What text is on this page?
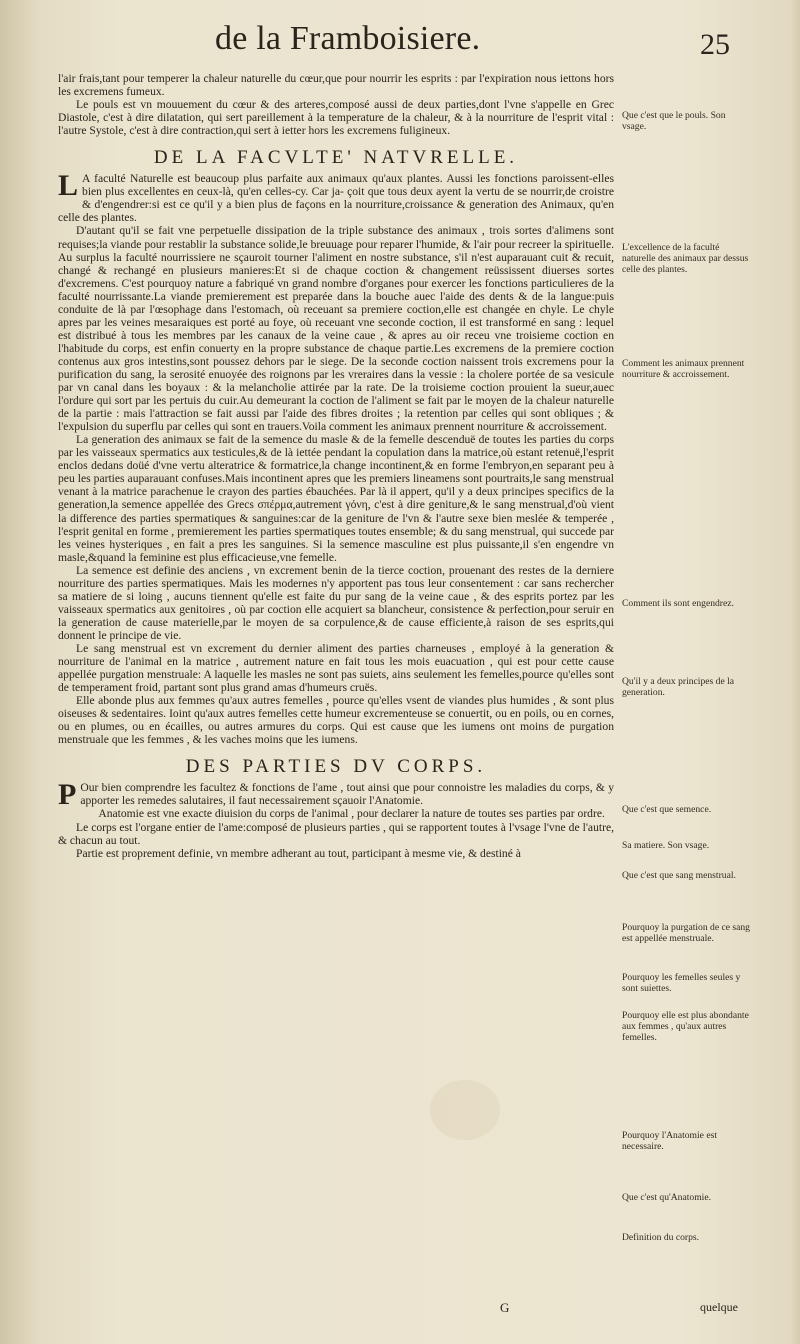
de la Framboisiere.	25

l'air frais,tant pour temperer la chaleur naturelle du cœur,que pour nourrir les esprits : par l'expiration nous iettons hors les excremens fumeux.

Le pouls est vn mouuement du cœur & des arteres,composé aussi de deux parties,dont l'vne s'appelle en Grec Diastole, c'est à dire dilatation, qui sert pareillement à la temperature de la chaleur, & à la nourriture de l'esprit vital : l'autre Systole, c'est à dire contraction,qui sert à ietter hors les excremens fuligineux.

DE LA FACVLTE' NATVRELLE.

L A faculté Naturelle est beaucoup plus parfaite aux animaux qu'aux plantes. Aussi les fonctions paroissent-elles bien plus excellentes en ceux-là, qu'en celles-cy. Car ja- çoit que tous deux ayent la vertu de se nourrir,de croistre & d'engendrer:si est ce qu'il y a bien plus de façons en la nourriture,croissance & generation des Animaux, qu'en celle des plantes.

D'autant qu'il se fait vne perpetuelle dissipation de la triple substance des animaux , trois sortes d'alimens sont requises;la viande pour restablir la substance solide,le breuuage pour reparer l'humide, & l'air pour recreer la spirituelle. Au surplus la faculté nourrissiere ne sçauroit tourner l'aliment en nostre substance, s'il n'est auparauant cuit & recuit, changé & rechangé en plusieurs manieres:Et si de chaque coction & changement reüssissent diuerses sortes d'excremens. C'est pourquoy nature a fabriqué vn grand nombre d'organes pour exercer les fonctions particulieres de la faculté nourrissante.La viande premierement est preparée dans la bouche auec l'aide des dents & de la langue:puis conduite de là par l'œsophage dans l'estomach, où receuant sa premiere coction,elle est changée en chyle. Le chyle apres par les veines mesaraiques est porté au foye, où receuant vne seconde coction, il est transformé en sang : lequel est distribué à tous les membres par les canaux de la veine caue , & apres au oir receu vne troisieme coction en l'habitude du corps, est enfin conuerty en la propre substance de chaque partie.Les excremens de la premiere coction contenus aux gros intestins,sont poussez dehors par le siege. De la seconde coction naissent trois excremens pour la purification du sang, la serosité enuoyée des roignons par les vreraires dans la vessie : la cholere portée de sa vesicule par vn canal dans les boyaux : & la melancholie attirée par la rate. De la troisieme coction prouient la sueur,auec l'ordure qui sort par les pertuis du cuir.Au demeurant la coction de l'aliment se fait par le moyen de la chaleur naturelle de la partie : mais l'attraction se fait aussi par l'aide des fibres droites ; la retention par celles qui sont obliques ; & l'expulsion du superflu par celles qui sont en trauers.Voila comment les animaux prennent nourriture & accroissement.

La generation des animaux se fait de la semence du masle & de la femelle descenduë de toutes les parties du corps par les vaisseaux spermatics aux testicules,& de là iettée pendant la copulation dans la matrice,où estant retenuë,l'esprit enclos dedans doüé d'vne vertu alteratrice & formatrice,la change incontinent,& en forme l'embryon,en separant peu à peu les parties auparauant confuses.Mais incontinent apres que les premiers lineamens sont pourtraits,le sang menstrual venant à la matrice parachenue le crayon des parties ébauchées. Par là il appert, qu'il y a deux principes specifics de la generation,la semence appellée des Grecs σπέρμα,autrement γόνη, c'est à dire geniture,& le sang menstrual,d'où vient la difference des parties spermatiques & sanguines:car de la geniture de l'vn & l'autre sexe bien meslée & temperée , l'esprit genital en forme , premierement les parties spermatiques toutes ensemble; & du sang menstrual, qui succede par les veines hysteriques , en fait a pres les sanguines. Si la semence masculine est plus puissante,il s'en engendre vn masle,&quand la feminine est plus efficacieuse,vne femelle.

La semence est definie des anciens , vn excrement benin de la tierce coction, prouenant des restes de la derniere nourriture des parties spermatiques. Mais les modernes n'y apportent pas tous leur consentement : car sans rechercher sa matiere de si loing , aucuns tiennent qu'elle est faite du pur sang de la veine caue , & des esprits portez par les vaisseaux spermatics aux genitoires , où par coction elle acquiert sa blancheur, consistence & perfection,pour seruir en la generation de cause materielle,par le moyen de sa corpulence,& de cause efficiente,à raison de ses esprits,qui donnent le principe de vie.

Le sang menstrual est vn excrement du dernier aliment des parties charneuses , employé à la generation & nourriture de l'animal en la matrice , autrement nature en fait tous les mois euacuation , qui est pour cette cause appellée purgation menstruale: A laquelle les masles ne sont pas suiets, ains seulement les femelles,pource qu'elles sont de temperament froid, partant sont plus grand amas d'humeurs cruës.

Elle abonde plus aux femmes qu'aux autres femelles , pource qu'elles vsent de viandes plus humides , & sont plus oiseuses & sedentaires. Ioint qu'aux autres femelles cette humeur excrementeuse se conuertit, ou en poils, ou en cornes, ou en plumes, ou en écailles, ou autres armures du corps. Qui est cause que les iumens ont moins de purgation menstruale que les femmes , & les vaches moins que les iumens.

DES PARTIES DV CORPS.

P Our bien comprendre les facultez & fonctions de l'ame , tout ainsi que pour connoistre les maladies du corps, & y apporter les remedes salutaires, il faut necessairement sçauoir l'Anatomie.

Anatomie est vne exacte diuision du corps de l'animal , pour declarer la nature de toutes ses parties par ordre.

Le corps est l'organe entier de l'ame:composé de plusieurs parties , qui se rapportent toutes à l'vsage l'vne de l'autre, & chacun au tout.

Partie est proprement definie, vn membre adherant au tout, participant à mesme vie, & destiné à

Que c'est que le pouls. Son vsage.
L'excellence de la faculté naturelle des animaux par dessus celle des plantes.
Comment les animaux prennent nourriture & accroissement.
Comment ils sont engendrez.
Qu'il y a deux principes de la generation.
Que c'est que semence.
Sa matiere. Son vsage.
Que c'est que sang menstrual.
Pourquoy la purgation de ce sang est appellée menstruale.
Pourquoy les femelles seules y sont suiettes.
Pourquoy elle est plus abondante aux femmes , qu'aux autres femelles.
Pourquoy l'Anatomie est necessaire.
Que c'est qu'Anatomie.
Definition du corps.
G	quelque
